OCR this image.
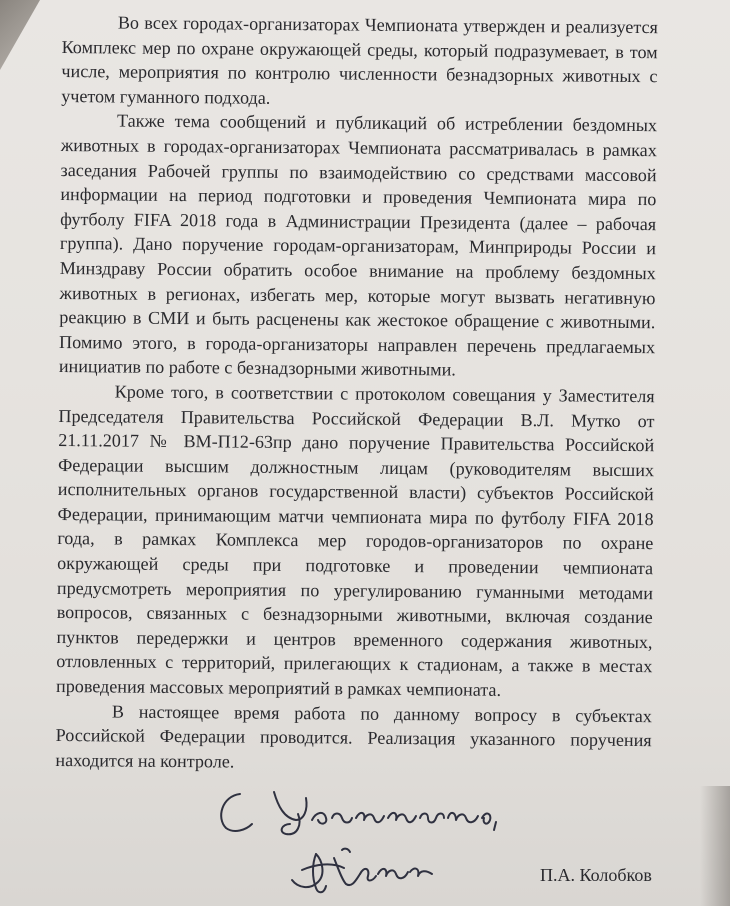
Во всех городах-организаторах Чемпионата утвержден и реализуется Комплекс мер по охране окружающей среды, который подразумевает, в том числе, мероприятия по контролю численности безнадзорных животных с учетом гуманного подхода.

Также тема сообщений и публикаций об истреблении бездомных животных в городах-организаторах Чемпионата рассматривалась в рамках заседания Рабочей группы по взаимодействию со средствами массовой информации на период подготовки и проведения Чемпионата мира по футболу FIFA 2018 года в Администрации Президента (далее – рабочая группа). Дано поручение городам-организаторам, Минприроды России и Минздраву России обратить особое внимание на проблему бездомных животных в регионах, избегать мер, которые могут вызвать негативную реакцию в СМИ и быть расценены как жестокое обращение с животными. Помимо этого, в города-организаторы направлен перечень предлагаемых инициатив по работе с безнадзорными животными.

Кроме того, в соответствии с протоколом совещания у Заместителя Председателя Правительства Российской Федерации В.Л. Мутко от 21.11.2017 № ВМ-П12-63пр дано поручение Правительства Российской Федерации высшим должностным лицам (руководителям высших исполнительных органов государственной власти) субъектов Российской Федерации, принимающим матчи чемпионата мира по футболу FIFA 2018 года, в рамках Комплекса мер городов-организаторов по охране окружающей среды при подготовке и проведении чемпионата предусмотреть мероприятия по урегулированию гуманными методами вопросов, связанных с безнадзорными животными, включая создание пунктов передержки и центров временного содержания животных, отловленных с территорий, прилегающих к стадионам, а также в местах проведения массовых мероприятий в рамках чемпионата.

В настоящее время работа по данному вопросу в субъектах Российской Федерации проводится. Реализация указанного поручения находится на контроле.

П.А. Колобков
